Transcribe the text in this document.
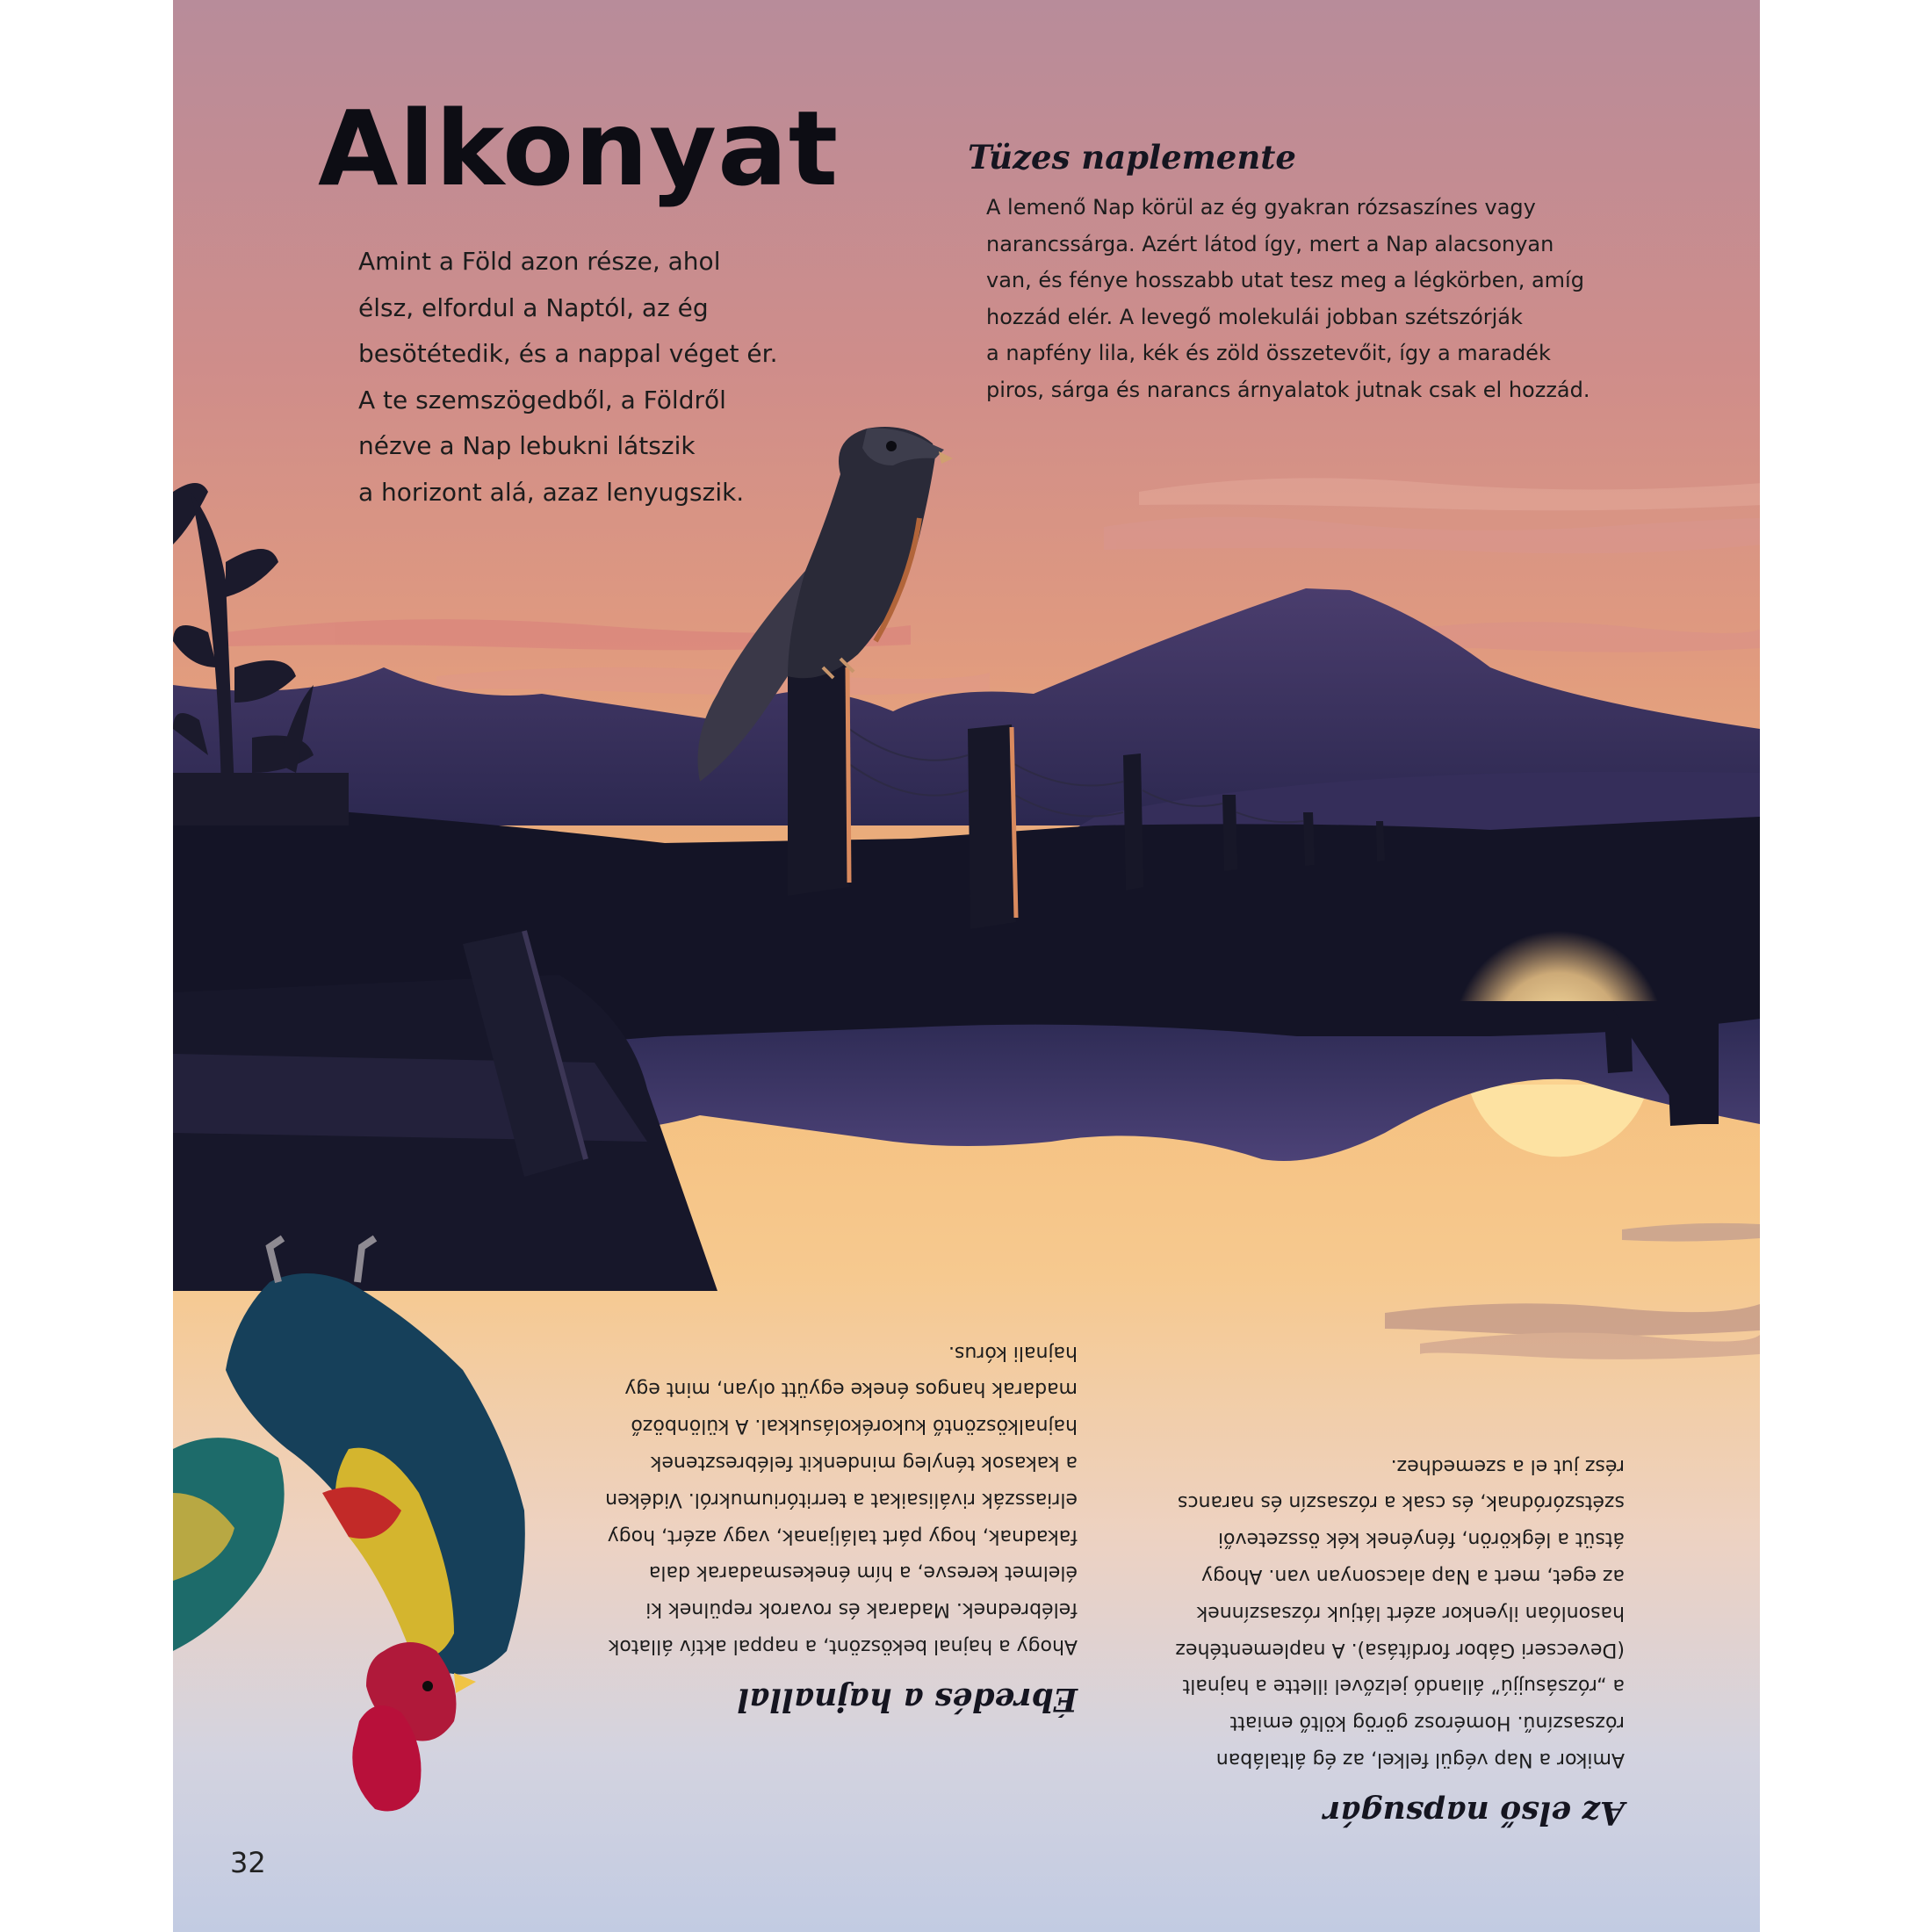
Alkonyat

Amint a Föld azon része, ahol

élsz, elfordul a Naptól, az ég

besötétedik, és a nappal véget ér.

A te szemszögedből, a Földről

nézve a Nap lebukni látszik

a horizont alá, azaz lenyugszik.

Tüzes naplemente

A lemenő Nap körül az ég gyakran rózsaszínes vagy

narancssárga. Azért látod így, mert a Nap alacsonyan

van, és fénye hosszabb utat tesz meg a légkörben, amíg

hozzád elér. A levegő molekulái jobban szétszórják

a napfény lila, kék és zöld összetevőit, így a maradék

piros, sárga és narancs árnyalatok jutnak csak el hozzád.

Ébredés a hajnallal

Ahogy a hajnal beköszönt, a nappal aktív állatok

felébrednek. Madarak és rovarok repülnek ki

élelmet keresve, a hím énekesmadarak dala

fakadnak, hogy párt találjanak, vagy azért, hogy

elriasszák riválisaikat a territóriumukról. Vidéken

a kakasok tényleg mindenkit felébresztenek

hajnalköszöntő kukorékolásukkal. A különböző

madarak hangos éneke együtt olyan, mint egy

hajnali kórus.

Az első napsugár

Amikor a Nap végül felkel, az ég általában

rózsaszínű. Homérosz görög költő emiatt

a „rózsásujjú” állandó jelzővel illette a hajnalt

(Devecseri Gábor fordítása). A naplementéhez

hasonlóan ilyenkor azért látjuk rózsaszínnek

az eget, mert a Nap alacsonyan van. Ahogy

átsüt a légkörön, fényének kék összetevői

szétszóródnak, és csak a rózsaszín és narancs

rész jut el a szemedhez.

32
